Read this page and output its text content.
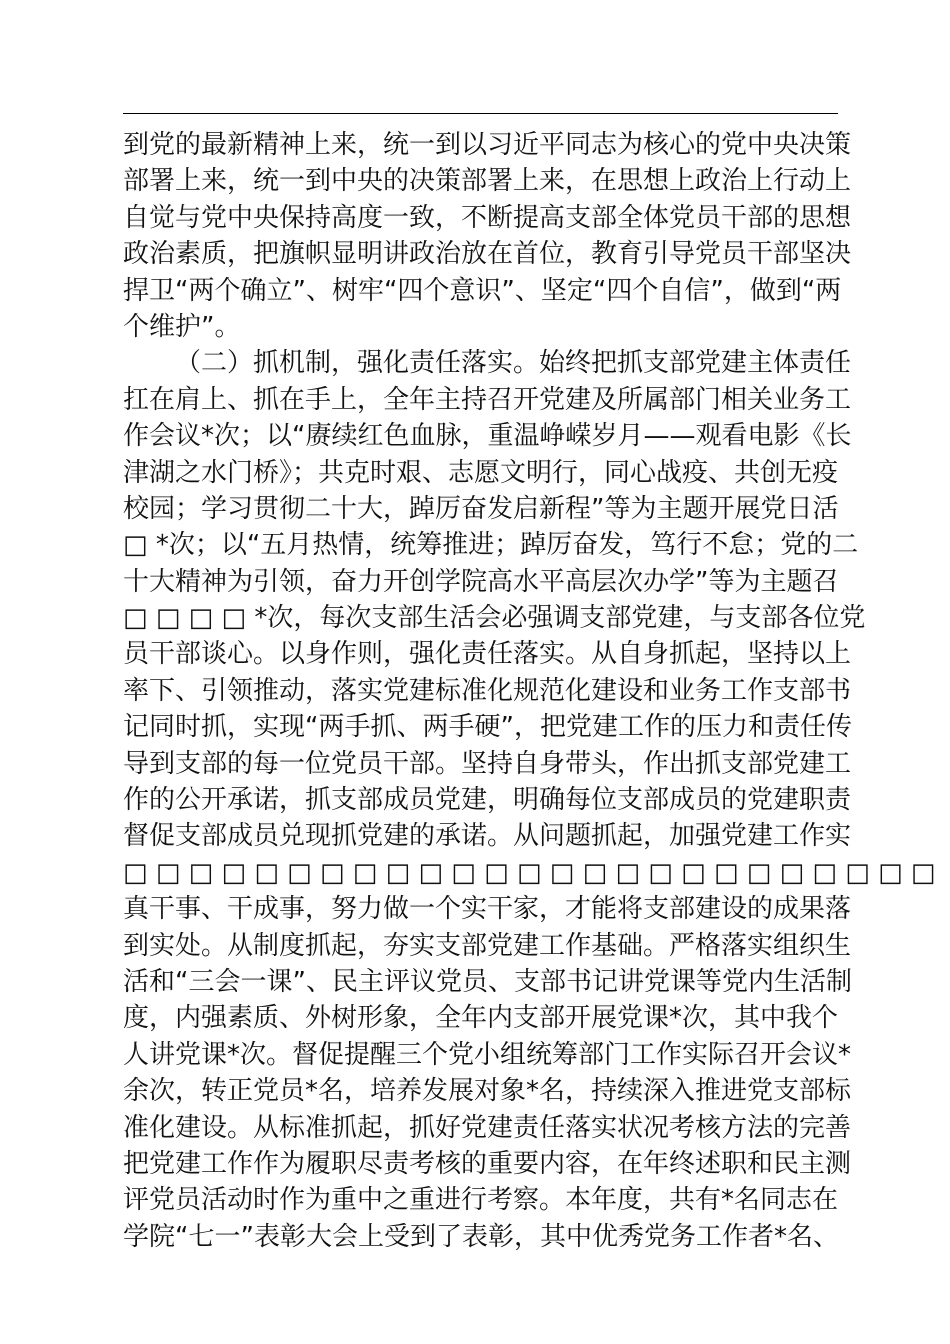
到党的最新精神上来，统一到以习近平同志为核心的党中央决策
部署上来，统一到中央的决策部署上来，在思想上政治上行动上
自觉与党中央保持高度一致，不断提高支部全体党员干部的思想
政治素质，把旗帜显明讲政治放在首位，教育引导党员干部坚决
捍卫“两个确立”、树牢“四个意识”、坚定“四个自信”，做到“两
个维护”。
（二）抓机制，强化责任落实。始终把抓支部党建主体责任
扛在肩上、抓在手上，全年主持召开党建及所属部门相关业务工
作会议*次；以“赓续红色血脉，重温峥嵘岁月——观看电影《长
津湖之水门桥》；共克时艰、志愿文明行，同心战疫、共创无疫
校园；学习贯彻二十大，踔厉奋发启新程”等为主题开展党日活
□ *次；以“五月热情，统筹推进；踔厉奋发，笃行不怠；党的二
十大精神为引领，奋力开创学院高水平高层次办学”等为主题召
□ □ □ □ *次，每次支部生活会必强调支部党建，与支部各位党
员干部谈心。以身作则，强化责任落实。从自身抓起，坚持以上
率下、引领推动，落实党建标准化规范化建设和业务工作支部书
记同时抓，实现“两手抓、两手硬”，把党建工作的压力和责任传
导到支部的每一位党员干部。坚持自身带头，作出抓支部党建工
作的公开承诺，抓支部成员党建，明确每位支部成员的党建职责
督促支部成员兑现抓党建的承诺。从问题抓起，加强党建工作实
□ □ □ □ □ □ □ □ □ □ □ □ □ □ □ □ □ □ □ □ □ □ □ □ □
真干事、干成事，努力做一个实干家，才能将支部建设的成果落
到实处。从制度抓起，夯实支部党建工作基础。严格落实组织生
活和“三会一课”、民主评议党员、支部书记讲党课等党内生活制
度，内强素质、外树形象，全年内支部开展党课*次，其中我个
人讲党课*次。督促提醒三个党小组统筹部门工作实际召开会议*
余次，转正党员*名，培养发展对象*名，持续深入推进党支部标
准化建设。从标准抓起，抓好党建责任落实状况考核方法的完善
把党建工作作为履职尽责考核的重要内容，在年终述职和民主测
评党员活动时作为重中之重进行考察。本年度，共有*名同志在
学院“七一”表彰大会上受到了表彰，其中优秀党务工作者*名、
